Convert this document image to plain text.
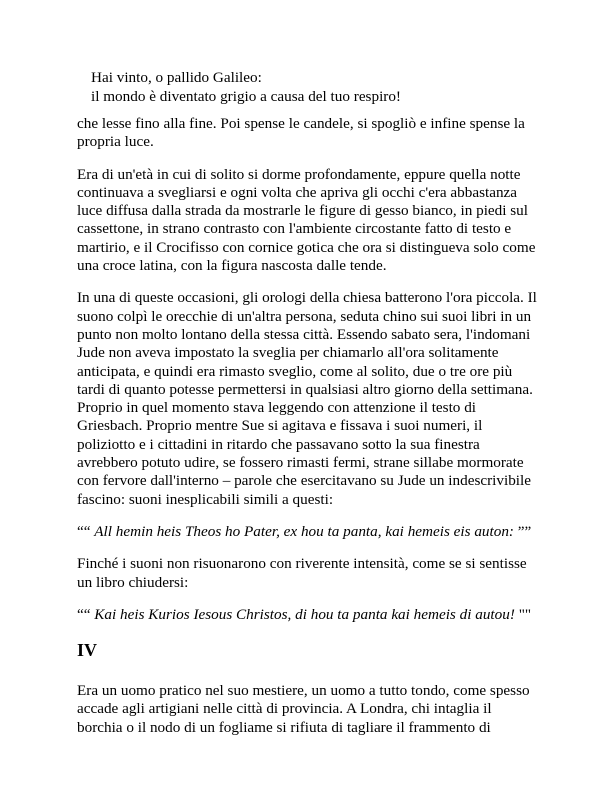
Hai vinto, o pallido Galileo:
il mondo è diventato grigio a causa del tuo respiro!

che lesse fino alla fine. Poi spense le candele, si spogliò e infine spense la propria luce.

Era di un'età in cui di solito si dorme profondamente, eppure quella notte continuava a svegliarsi e ogni volta che apriva gli occhi c'era abbastanza luce diffusa dalla strada da mostrarle le figure di gesso bianco, in piedi sul cassettone, in strano contrasto con l'ambiente circostante fatto di testo e martirio, e il Crocifisso con cornice gotica che ora si distingueva solo come una croce latina, con la figura nascosta dalle tende.

In una di queste occasioni, gli orologi della chiesa batterono l'ora piccola. Il suono colpì le orecchie di un'altra persona, seduta chino sui suoi libri in un punto non molto lontano della stessa città. Essendo sabato sera, l'indomani Jude non aveva impostato la sveglia per chiamarlo all'ora solitamente anticipata, e quindi era rimasto sveglio, come al solito, due o tre ore più tardi di quanto potesse permettersi in qualsiasi altro giorno della settimana. Proprio in quel momento stava leggendo con attenzione il testo di Griesbach. Proprio mentre Sue si agitava e fissava i suoi numeri, il poliziotto e i cittadini in ritardo che passavano sotto la sua finestra avrebbero potuto udire, se fossero rimasti fermi, strane sillabe mormorate con fervore dall'interno – parole che esercitavano su Jude un indescrivibile fascino: suoni inesplicabili simili a questi:

““ All hemin heis Theos ho Pater, ex hou ta panta, kai hemeis eis auton: ””

Finché i suoni non risuonarono con riverente intensità, come se si sentisse un libro chiudersi:

““ Kai heis Kurios Iesous Christos, di hou ta panta kai hemeis di autou! ""

IV

Era un uomo pratico nel suo mestiere, un uomo a tutto tondo, come spesso accade agli artigiani nelle città di provincia. A Londra, chi intaglia il borchia o il nodo di un fogliame si rifiuta di tagliare il frammento di
